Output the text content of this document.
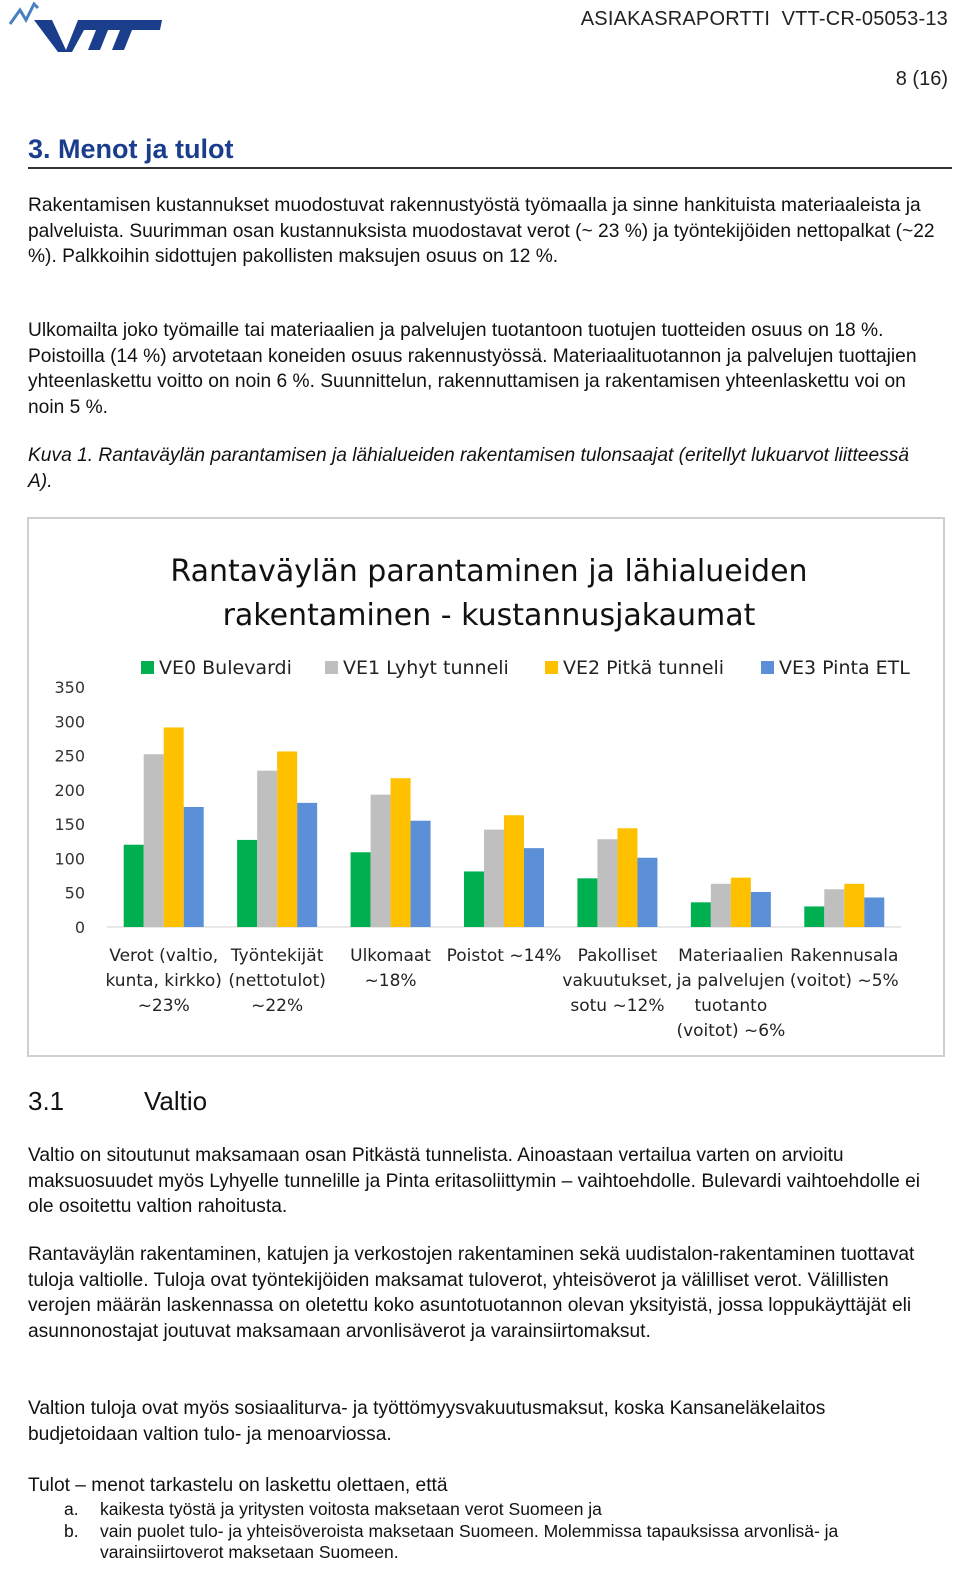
VTT
ASIAKASRAPORTTI  VTT-CR-05053-13
8 (16)
3. Menot ja tulot

Rakentamisen kustannukset muodostuvat rakennustyöstä työmaalla ja sinne hankituista materiaaleista ja palveluista. Suurimman osan kustannuksista muodostavat verot (~ 23 %) ja työntekijöiden nettopalkat (~22 %). Palkkoihin sidottujen pakollisten maksujen osuus on 12 %.

Ulkomailta joko työmaille tai materiaalien ja palvelujen tuotantoon tuotujen tuotteiden osuus on 18 %. Poistoilla (14 %) arvotetaan koneiden osuus rakennustyössä. Materiaalituotannon ja palvelujen tuottajien yhteenlaskettu voitto on noin 6 %. Suunnittelun, rakennuttamisen ja rakentamisen yhteenlaskettu voi on noin 5 %.

Kuva 1. Rantaväylän parantamisen ja lähialueiden rakentamisen tulonsaajat (eritellyt lukuarvot liitteessä A).

Rantaväylän parantaminen ja lähialueiden
rakentaminen - kustannusjakaumat
VE0 Bulevardi	VE1 Lyhyt tunneli	VE2 Pitkä tunneli	VE3 Pinta ETL
0
50
100
150
200
250
300
350
Verot (valtio, kunta, kirkko) ~23%
Työntekijät (nettotulot) ~22%
Ulkomaat ~18%
Poistot ~14% Pakolliset vakuutukset, sotu ~12%
Materiaalien ja palvelujen tuotanto (voitot) ~6%
Rakennusala (voitot) ~5%
3.1	Valtio

Valtio on sitoutunut maksamaan osan Pitkästä tunnelista. Ainoastaan vertailua varten on arvioitu maksuosuudet myös Lyhyelle tunnelille ja Pinta eritasoliittymin – vaihtoehdolle. Bulevardi vaihtoehdolle ei ole osoitettu valtion rahoitusta.

Rantaväylän rakentaminen, katujen ja verkostojen rakentaminen sekä uudistalon-rakentaminen tuottavat tuloja valtiolle. Tuloja ovat työntekijöiden maksamat tuloverot, yhteisöverot ja välilliset verot. Välillisten verojen määrän laskennassa on oletettu koko asuntotuotannon olevan yksityistä, jossa loppukäyttäjät eli asunnonostajat joutuvat maksamaan arvonlisäverot ja varainsiirtomaksut.

Valtion tuloja ovat myös sosiaaliturva- ja työttömyysvakuutusmaksut, koska Kansaneläkelaitos budjetoidaan valtion tulo- ja menoarviossa.

Tulot – menot tarkastelu on laskettu olettaen, että

a. kaikesta työstä ja yritysten voitosta maksetaan verot Suomeen ja
b. vain puolet tulo- ja yhteisöveroista maksetaan Suomeen. Molemmissa tapauksissa arvonlisä- ja varainsiirtoverot maksetaan Suomeen.
